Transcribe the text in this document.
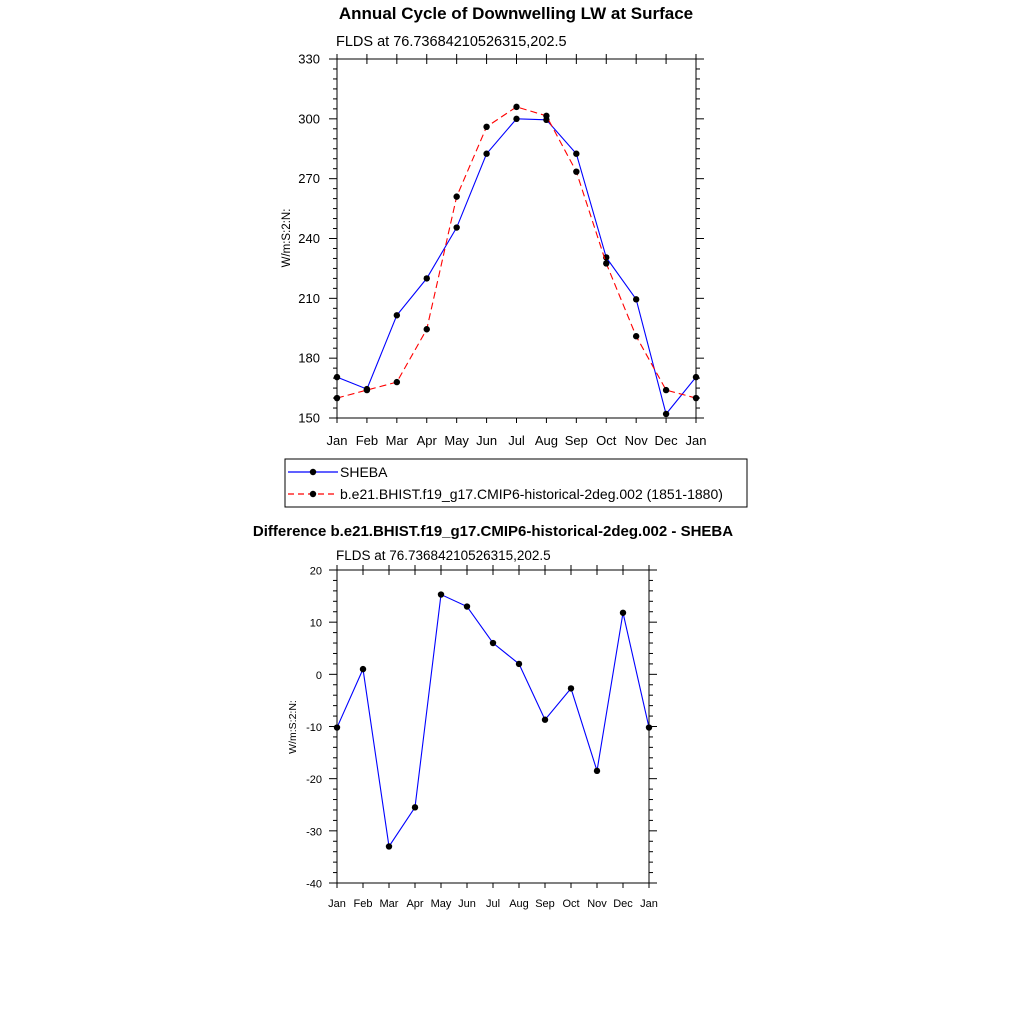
Annual Cycle of Downwelling LW at Surface
FLDS at 76.73684210526315,202.5
W/m:S:2:N:
150
180
210
240
270
300
330
Jan Feb Mar Apr May Jun Jul Aug Sep Oct Nov Dec Jan
SHEBA
b.e21.BHIST.f19_g17.CMIP6-historical-2deg.002 (1851-1880)
Difference b.e21.BHIST.f19_g17.CMIP6-historical-2deg.002 - SHEBA
FLDS at 76.73684210526315,202.5
W/m:S:2:N:
20
10
0
-10
-20
-30
-40
Jan Feb Mar Apr May Jun Jul Aug Sep Oct Nov Dec Jan
